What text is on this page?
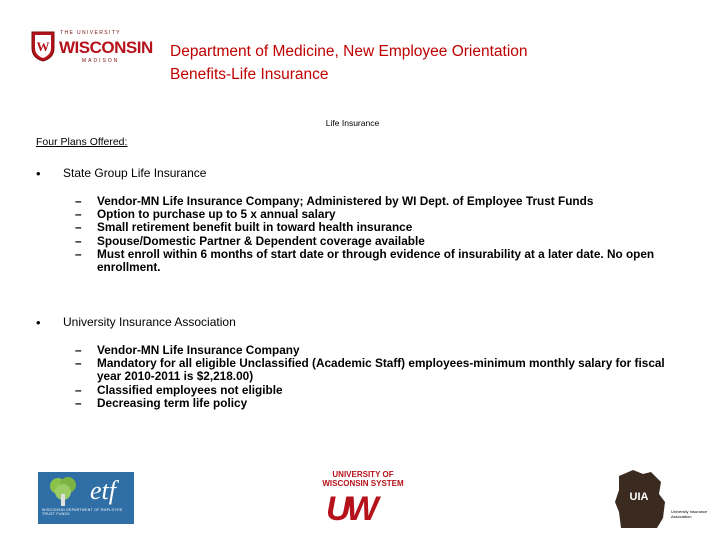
W
THE UNIVERSITY
WISCONSIN
MADISON
Department of Medicine, New Employee Orientation
Benefits-Life Insurance
Life Insurance
Four Plans Offered:
• State Group Life Insurance
– Vendor-MN Life Insurance Company; Administered by WI Dept. of Employee Trust Funds
– Option to purchase up to 5 x annual salary
– Small retirement benefit built in toward health insurance
– Spouse/Domestic Partner & Dependent coverage available
– Must enroll within 6 months of start date or through evidence of insurability at a later date. No open enrollment.
• University Insurance Association
– Vendor-MN Life Insurance Company
– Mandatory for all eligible Unclassified (Academic Staff) employees-minimum monthly salary for fiscal year 2010-2011 is $2,218.00)
– Classified employees not eligible
– Decreasing term life policy
etf
WISCONSIN DEPARTMENT OF EMPLOYEE TRUST FUNDS
UNIVERSITY OF
WISCONSIN SYSTEM
UW	UIA
University Insurance Association
